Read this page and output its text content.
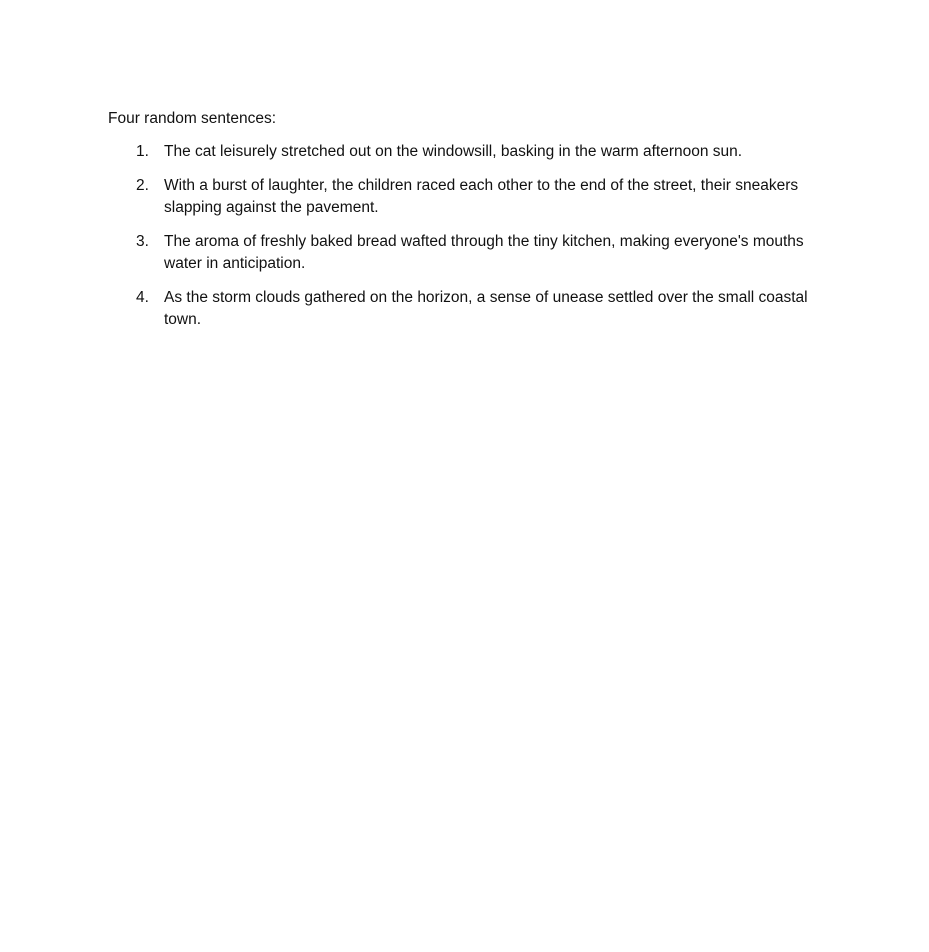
Four random sentences:

1. The cat leisurely stretched out on the windowsill, basking in the warm afternoon sun.
2. With a burst of laughter, the children raced each other to the end of the street, their sneakers slapping against the pavement.
3. The aroma of freshly baked bread wafted through the tiny kitchen, making everyone's mouths water in anticipation.
4. As the storm clouds gathered on the horizon, a sense of unease settled over the small coastal town.
